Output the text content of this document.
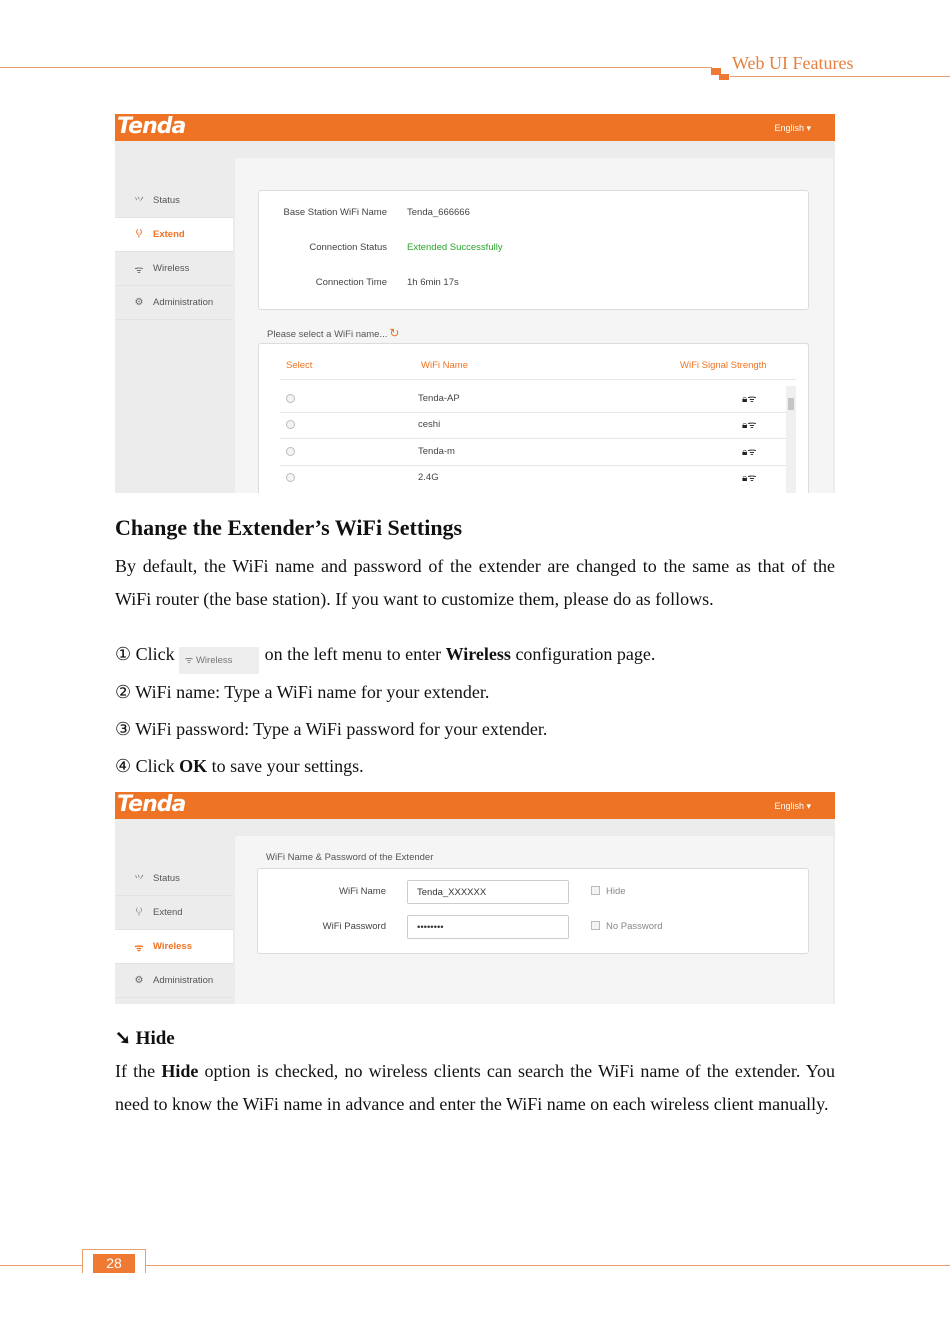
Web UI Features
Tenda	English ▾
⺍ Status
⁽ᵢ⁾	Extend
ᯤ Wireless
⚙	Administration
Base Station WiFi Name Tenda_666666
Connection Status Extended Successfully
Connection Time 1h 6min 17s
Please select a WiFi name... ↻
Select	WiFi Name	WiFi Signal Strength
Tenda-AP	🔒︎ᯤ
ceshi	🔒︎ᯤ
Tenda-m	🔒︎ᯤ
2.4G	🔒︎ᯤ
Change the Extender’s WiFi Settings
By default, the WiFi name and password of the extender are changed to the same as that of the WiFi router (the base station). If you want to customize them, please do as follows.
① Click ᯤ Wireless on the left menu to enter Wireless configuration page.
② WiFi name: Type a WiFi name for your extender.
③ WiFi password: Type a WiFi password for your extender.
④ Click OK to save your settings.
Tenda	English ▾
⺍ Status
⁽ᵢ⁾	Extend
ᯤ Wireless
⚙	Administration
WiFi Name & Password of the Extender
WiFi Name	Tenda_XXXXXX	Hide
WiFi Password	••••••••	No Password
➘ Hide
If the Hide option is checked, no wireless clients can search the WiFi name of the extender. You need to know the WiFi name in advance and enter the WiFi name on each wireless client manually.
28
